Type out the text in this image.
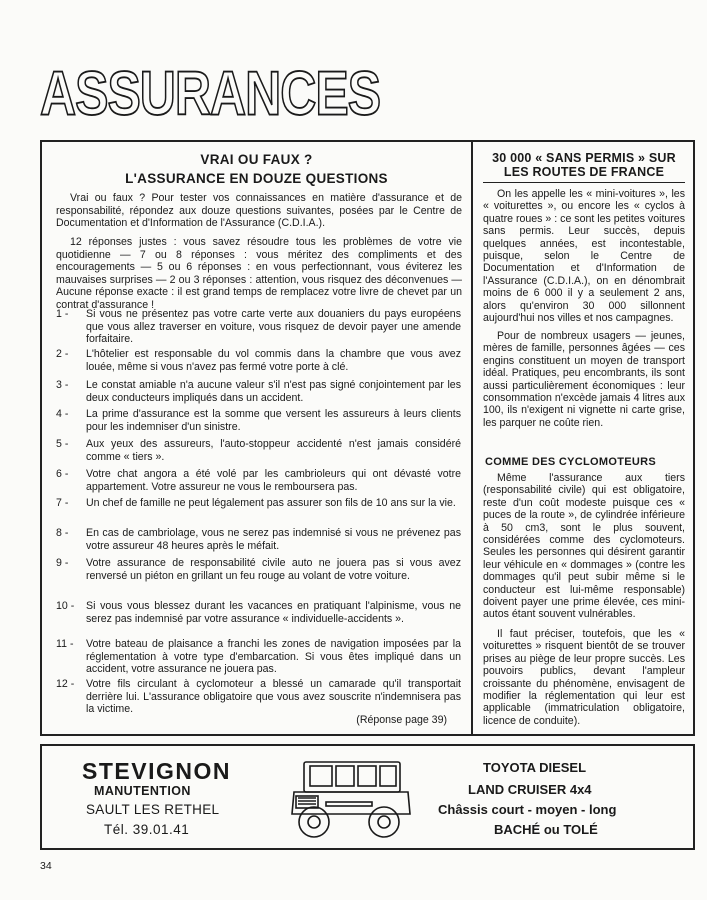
ASSURANCES
VRAI OU FAUX ?
L'ASSURANCE EN DOUZE QUESTIONS
Vrai ou faux ? Pour tester vos connaissances en matière d'assurance et de responsabilité, répondez aux douze questions suivantes, posées par le Centre de Documentation et d'Information de l'Assurance (C.D.I.A.).
12 réponses justes : vous savez résoudre tous les problèmes de votre vie quotidienne — 7 ou 8 réponses : vous méritez des compliments et des encouragements — 5 ou 6 réponses : en vous perfectionnant, vous éviterez les mauvaises surprises — 2 ou 3 réponses : attention, vous risquez des déconvenues — Aucune réponse exacte : il est grand temps de remplacez votre livre de chevet par un contrat d'assurance !
1 -	Si vous ne présentez pas votre carte verte aux douaniers du pays européens que vous allez traverser en voiture, vous risquez de devoir payer une amende forfaitaire.
2 -	L'hôtelier est responsable du vol commis dans la chambre que vous avez louée, même si vous n'avez pas fermé votre porte à clé.
3 -	Le constat amiable n'a aucune valeur s'il n'est pas signé conjointement par les deux conducteurs impliqués dans un accident.
4 -	La prime d'assurance est la somme que versent les assureurs à leurs clients pour les indemniser d'un sinistre.
5 -	Aux yeux des assureurs, l'auto-stoppeur accidenté n'est jamais considéré comme « tiers ».
6 -	Votre chat angora a été volé par les cambrioleurs qui ont dévasté votre appartement. Votre assureur ne vous le remboursera pas.
7 -	Un chef de famille ne peut légalement pas assurer son fils de 10 ans sur la vie.
8 -	En cas de cambriolage, vous ne serez pas indemnisé si vous ne prévenez pas votre assureur 48 heures après le méfait.
9 -	Votre assurance de responsabilité civile auto ne jouera pas si vous avez renversé un piéton en grillant un feu rouge au volant de votre voiture.
10 -	Si vous vous blessez durant les vacances en pratiquant l'alpinisme, vous ne serez pas indemnisé par votre assurance « individuelle-accidents ».
11 -	Votre bateau de plaisance a franchi les zones de navigation imposées par la réglementation à votre type d'embarcation. Si vous êtes impliqué dans un accident, votre assurance ne jouera pas.
12 -	Votre fils circulant à cyclomoteur a blessé un camarade qu'il transportait derrière lui. L'assurance obligatoire que vous avez souscrite n'indemnisera pas la victime.
(Réponse page 39)
30 000 « SANS PERMIS » SUR LES ROUTES DE FRANCE
On les appelle les « mini-voitures », les « voiturettes », ou encore les « cyclos à quatre roues » : ce sont les petites voitures sans permis. Leur succès, depuis quelques années, est incontestable, puisque, selon le Centre de Documentation et d'Information de l'Assurance (C.D.I.A.), on en dénombrait moins de 6 000 il y a seulement 2 ans, alors qu'environ 30 000 sillonnent aujourd'hui nos villes et nos campagnes.
Pour de nombreux usagers — jeunes, mères de famille, personnes âgées — ces engins constituent un moyen de transport idéal. Pratiques, peu encombrants, ils sont aussi particulièrement économiques : leur consommation n'excède jamais 4 litres aux 100, ils n'exigent ni vignette ni carte grise, les parquer ne coûte rien.
COMME DES CYCLOMOTEURS
Même l'assurance aux tiers (responsabilité civile) qui est obligatoire, reste d'un coût modeste puisque ces « puces de la route », de cylindrée inférieure à 50 cm3, sont le plus souvent, considérées comme des cyclomoteurs. Seules les personnes qui désirent garantir leur véhicule en « dommages » (contre les dommages qu'il peut subir même si le conducteur est lui-même responsable) doivent payer une prime élevée, ces mini-autos étant souvent vulnérables.
Il faut préciser, toutefois, que les « voiturettes » risquent bientôt de se trouver prises au piège de leur propre succès. Les pouvoirs publics, devant l'ampleur croissante du phénomène, envisagent de modifier la réglementation qui leur est applicable (immatriculation obligatoire, licence de conduite).
STEVIGNON
MANUTENTION
SAULT LES RETHEL
Tél. 39.01.41
TOYOTA DIESEL
LAND CRUISER 4x4
Châssis court - moyen - long
BACHÉ ou TOLÉ
34
